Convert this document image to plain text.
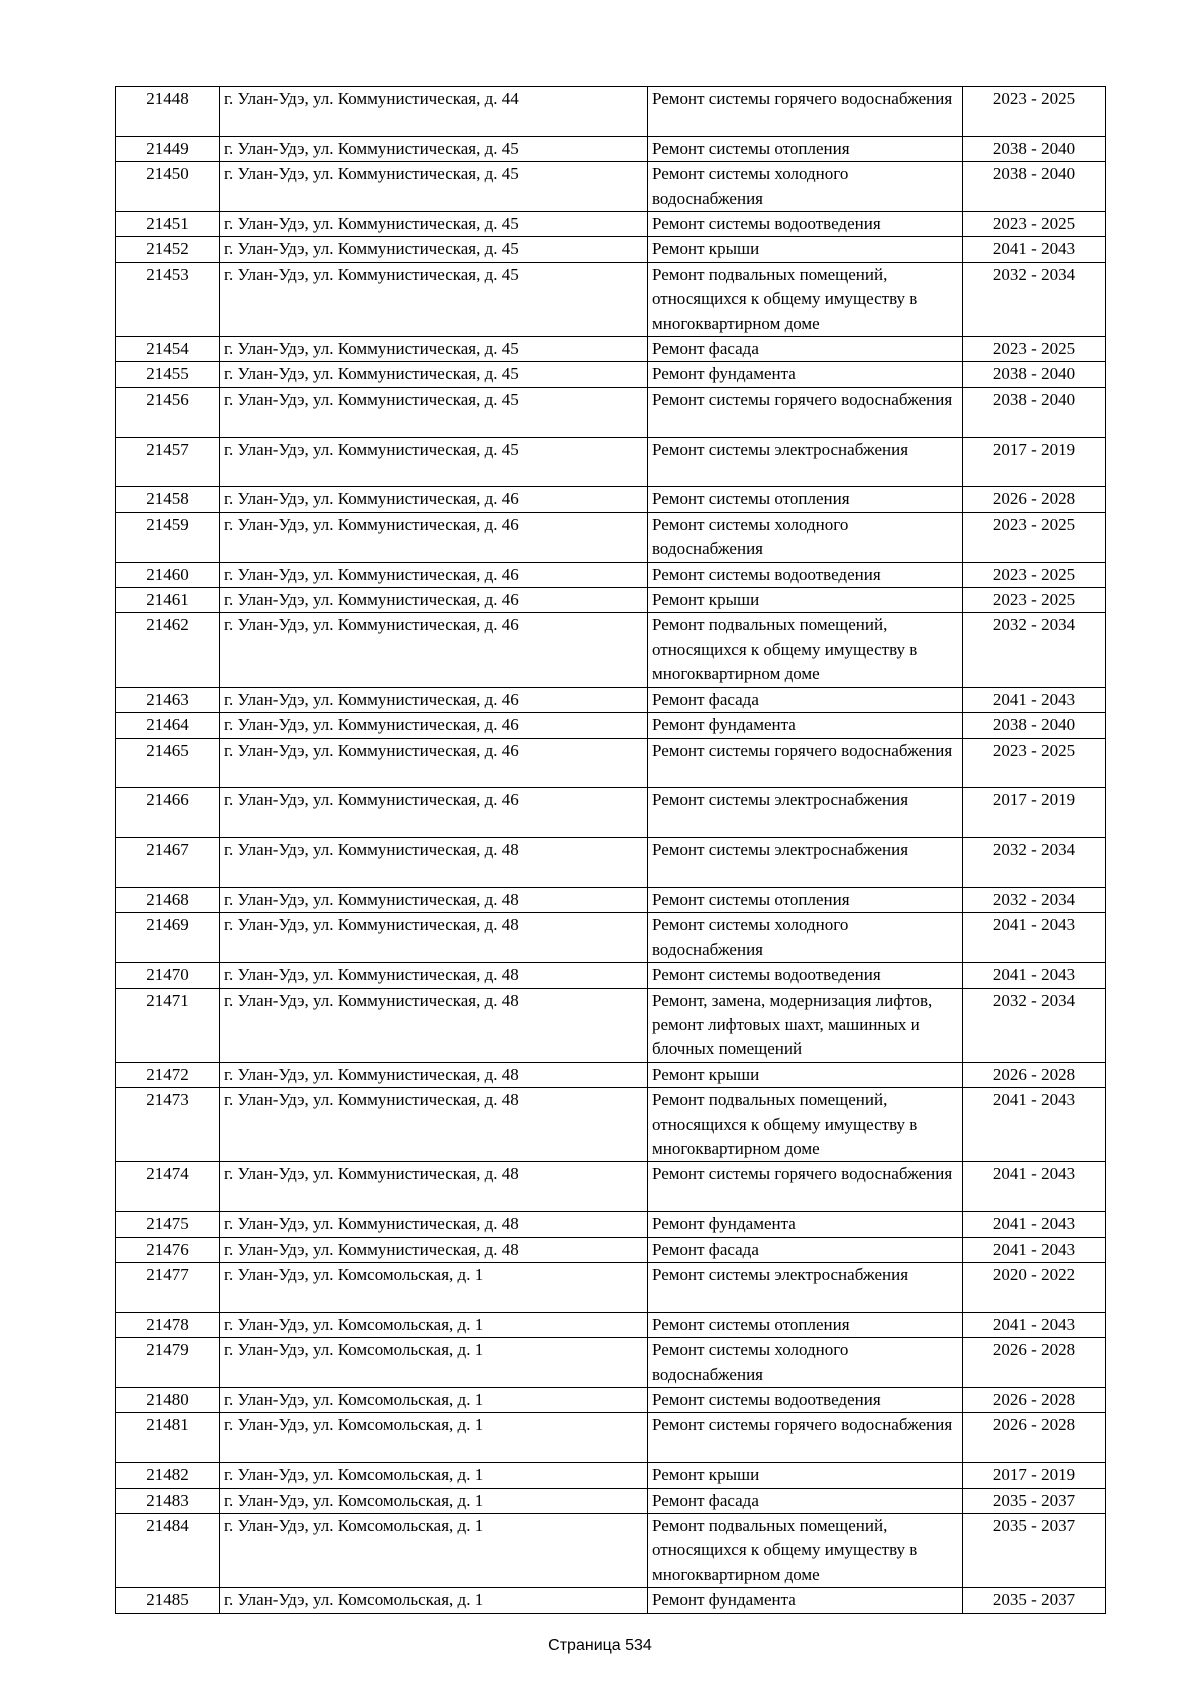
21448	г. Улан-Удэ, ул. Коммунистическая, д. 44	Ремонт системы горячего водоснабжения	2023 - 2025
21449	г. Улан-Удэ, ул. Коммунистическая, д. 45	Ремонт системы отопления	2038 - 2040
21450	г. Улан-Удэ, ул. Коммунистическая, д. 45	Ремонт системы холодного водоснабжения	2038 - 2040
21451	г. Улан-Удэ, ул. Коммунистическая, д. 45	Ремонт системы водоотведения	2023 - 2025
21452	г. Улан-Удэ, ул. Коммунистическая, д. 45	Ремонт крыши	2041 - 2043
21453	г. Улан-Удэ, ул. Коммунистическая, д. 45	Ремонт подвальных помещений, относящихся к общему имуществу в многоквартирном доме	2032 - 2034
21454	г. Улан-Удэ, ул. Коммунистическая, д. 45	Ремонт фасада	2023 - 2025
21455	г. Улан-Удэ, ул. Коммунистическая, д. 45	Ремонт фундамента	2038 - 2040
21456	г. Улан-Удэ, ул. Коммунистическая, д. 45	Ремонт системы горячего водоснабжения	2038 - 2040
21457	г. Улан-Удэ, ул. Коммунистическая, д. 45	Ремонт системы электроснабжения	2017 - 2019
21458	г. Улан-Удэ, ул. Коммунистическая, д. 46	Ремонт системы отопления	2026 - 2028
21459	г. Улан-Удэ, ул. Коммунистическая, д. 46	Ремонт системы холодного водоснабжения	2023 - 2025
21460	г. Улан-Удэ, ул. Коммунистическая, д. 46	Ремонт системы водоотведения	2023 - 2025
21461	г. Улан-Удэ, ул. Коммунистическая, д. 46	Ремонт крыши	2023 - 2025
21462	г. Улан-Удэ, ул. Коммунистическая, д. 46	Ремонт подвальных помещений, относящихся к общему имуществу в многоквартирном доме	2032 - 2034
21463	г. Улан-Удэ, ул. Коммунистическая, д. 46	Ремонт фасада	2041 - 2043
21464	г. Улан-Удэ, ул. Коммунистическая, д. 46	Ремонт фундамента	2038 - 2040
21465	г. Улан-Удэ, ул. Коммунистическая, д. 46	Ремонт системы горячего водоснабжения	2023 - 2025
21466	г. Улан-Удэ, ул. Коммунистическая, д. 46	Ремонт системы электроснабжения	2017 - 2019
21467	г. Улан-Удэ, ул. Коммунистическая, д. 48	Ремонт системы электроснабжения	2032 - 2034
21468	г. Улан-Удэ, ул. Коммунистическая, д. 48	Ремонт системы отопления	2032 - 2034
21469	г. Улан-Удэ, ул. Коммунистическая, д. 48	Ремонт системы холодного водоснабжения	2041 - 2043
21470	г. Улан-Удэ, ул. Коммунистическая, д. 48	Ремонт системы водоотведения	2041 - 2043
21471	г. Улан-Удэ, ул. Коммунистическая, д. 48	Ремонт, замена, модернизация лифтов, ремонт лифтовых шахт, машинных и блочных помещений	2032 - 2034
21472	г. Улан-Удэ, ул. Коммунистическая, д. 48	Ремонт крыши	2026 - 2028
21473	г. Улан-Удэ, ул. Коммунистическая, д. 48	Ремонт подвальных помещений, относящихся к общему имуществу в многоквартирном доме	2041 - 2043
21474	г. Улан-Удэ, ул. Коммунистическая, д. 48	Ремонт системы горячего водоснабжения	2041 - 2043
21475	г. Улан-Удэ, ул. Коммунистическая, д. 48	Ремонт фундамента	2041 - 2043
21476	г. Улан-Удэ, ул. Коммунистическая, д. 48	Ремонт фасада	2041 - 2043
21477	г. Улан-Удэ, ул. Комсомольская, д. 1	Ремонт системы электроснабжения	2020 - 2022
21478	г. Улан-Удэ, ул. Комсомольская, д. 1	Ремонт системы отопления	2041 - 2043
21479	г. Улан-Удэ, ул. Комсомольская, д. 1	Ремонт системы холодного водоснабжения	2026 - 2028
21480	г. Улан-Удэ, ул. Комсомольская, д. 1	Ремонт системы водоотведения	2026 - 2028
21481	г. Улан-Удэ, ул. Комсомольская, д. 1	Ремонт системы горячего водоснабжения	2026 - 2028
21482	г. Улан-Удэ, ул. Комсомольская, д. 1	Ремонт крыши	2017 - 2019
21483	г. Улан-Удэ, ул. Комсомольская, д. 1	Ремонт фасада	2035 - 2037
21484	г. Улан-Удэ, ул. Комсомольская, д. 1	Ремонт подвальных помещений, относящихся к общему имуществу в многоквартирном доме	2035 - 2037
21485	г. Улан-Удэ, ул. Комсомольская, д. 1	Ремонт фундамента	2035 - 2037
Страница 534
